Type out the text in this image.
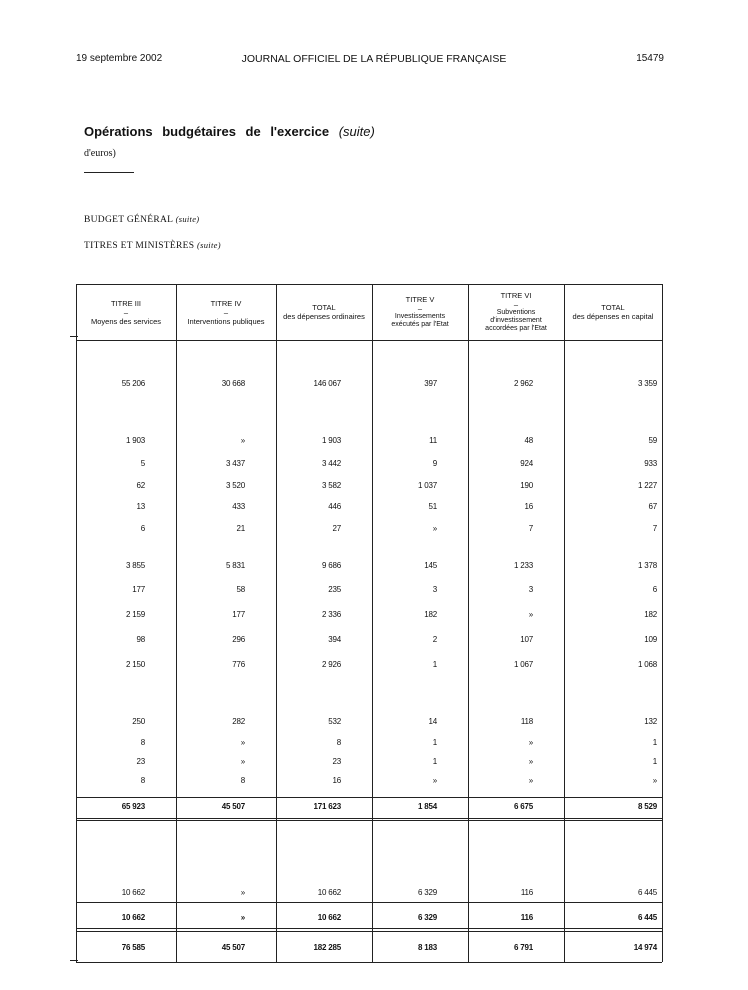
19 septembre 2002	JOURNAL OFFICIEL DE LA RÉPUBLIQUE FRANÇAISE	15479
Opérations budgétaires de l'exercice (suite)
d'euros)
BUDGET GÉNÉRAL (suite)
TITRES ET MINISTÈRES (suite)
TITRE III
–
Moyens des services
TITRE IV
–
Interventions publiques
TOTAL
des dépenses ordinaires
TITRE V
–
Investissements exécutés par l'Etat
TITRE VI
–
Subventions d'investissement accordées par l'Etat
TOTAL
des dépenses en capital
55 206	30 668	146 067	397	2 962	3 359
1 903	»	1 903	11	48	59
5	3 437	3 442	9	924	933
62	3 520	3 582	1 037	190	1 227
13	433	446	51	16	67
6	21	27	»	7	7
3 855	5 831	9 686	145	1 233	1 378
177	58	235	3	3	6
2 159	177	2 336	182	»	182
98	296	394	2	107	109
2 150	776	2 926	1	1 067	1 068
250	282	532	14	118	132
8	»	8	1	»	1
23	»	23	1	»	1
8	8	16	»	»	»
65 923	45 507	171 623	1 854	6 675	8 529
10 662	»	10 662	6 329	116	6 445
10 662	»	10 662	6 329	116	6 445
76 585	45 507	182 285	8 183	6 791	14 974
